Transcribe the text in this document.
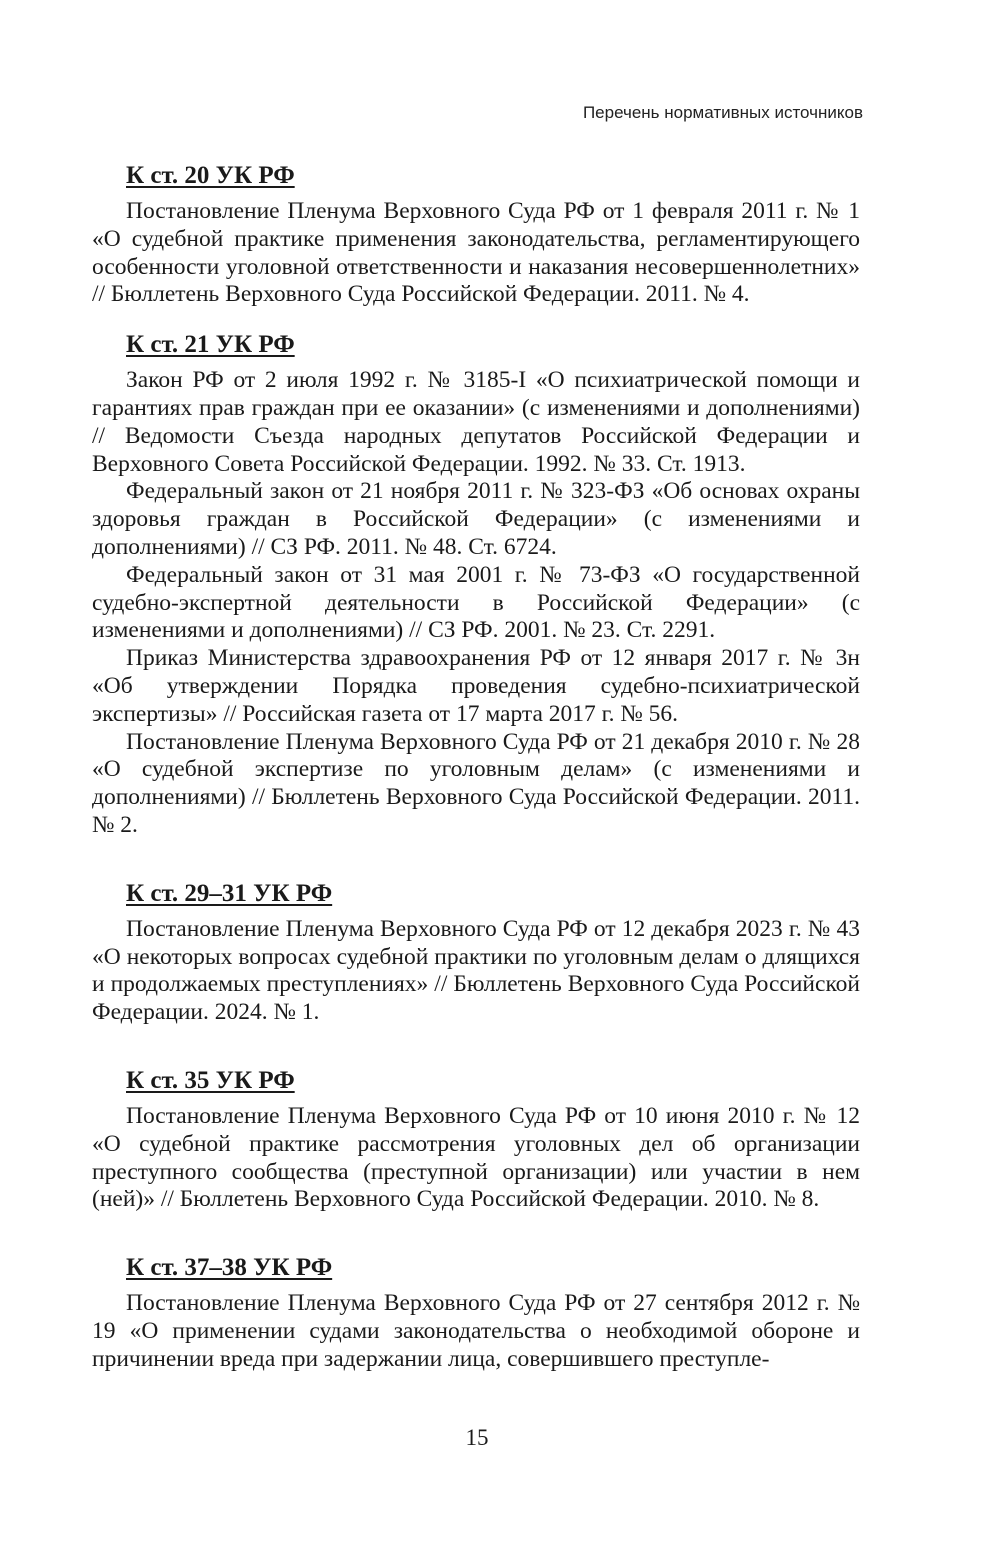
Перечень нормативных источников
К ст. 20 УК РФ

Постановление Пленума Верховного Суда РФ от 1 февраля 2011 г. № 1 «О судебной практике применения законодательства, регламентирующего особенности уголовной ответственности и наказания несовершеннолетних» // Бюллетень Верховного Суда Российской Федерации. 2011. № 4.

К ст. 21 УК РФ

Закон РФ от 2 июля 1992 г. № 3185-I «О психиатрической помощи и гарантиях прав граждан при ее оказании» (с изменениями и дополнениями) // Ведомости Съезда народных депутатов Российской Федерации и Верховного Совета Российской Федерации. 1992. № 33. Ст. 1913.

Федеральный закон от 21 ноября 2011 г. № 323-ФЗ «Об основах охраны здоровья граждан в Российской Федерации» (с изменениями и дополнениями) // СЗ РФ. 2011. № 48. Ст. 6724.

Федеральный закон от 31 мая 2001 г. № 73-ФЗ «О государственной судебно-экспертной деятельности в Российской Федерации» (с изменениями и дополнениями) // СЗ РФ. 2001. № 23. Ст. 2291.

Приказ Министерства здравоохранения РФ от 12 января 2017 г. № 3н «Об утверждении Порядка проведения судебно-психиатрической экспертизы» // Российская газета от 17 марта 2017 г. № 56.

Постановление Пленума Верховного Суда РФ от 21 декабря 2010 г. № 28 «О судебной экспертизе по уголовным делам» (с изменениями и дополнениями) // Бюллетень Верховного Суда Российской Федерации. 2011. № 2.

К ст. 29–31 УК РФ

Постановление Пленума Верховного Суда РФ от 12 декабря 2023 г. № 43 «О некоторых вопросах судебной практики по уголовным делам о длящихся и продолжаемых преступлениях» // Бюллетень Верховного Суда Российской Федерации. 2024. № 1.

К ст. 35 УК РФ

Постановление Пленума Верховного Суда РФ от 10 июня 2010 г. № 12 «О судебной практике рассмотрения уголовных дел об организации преступного сообщества (преступной организации) или участии в нем (ней)» // Бюллетень Верховного Суда Российской Федерации. 2010. № 8.

К ст. 37–38 УК РФ

Постановление Пленума Верховного Суда РФ от 27 сентября 2012 г. № 19 «О применении судами законодательства о необходимой обороне и причинении вреда при задержании лица, совершившего преступле-

15
